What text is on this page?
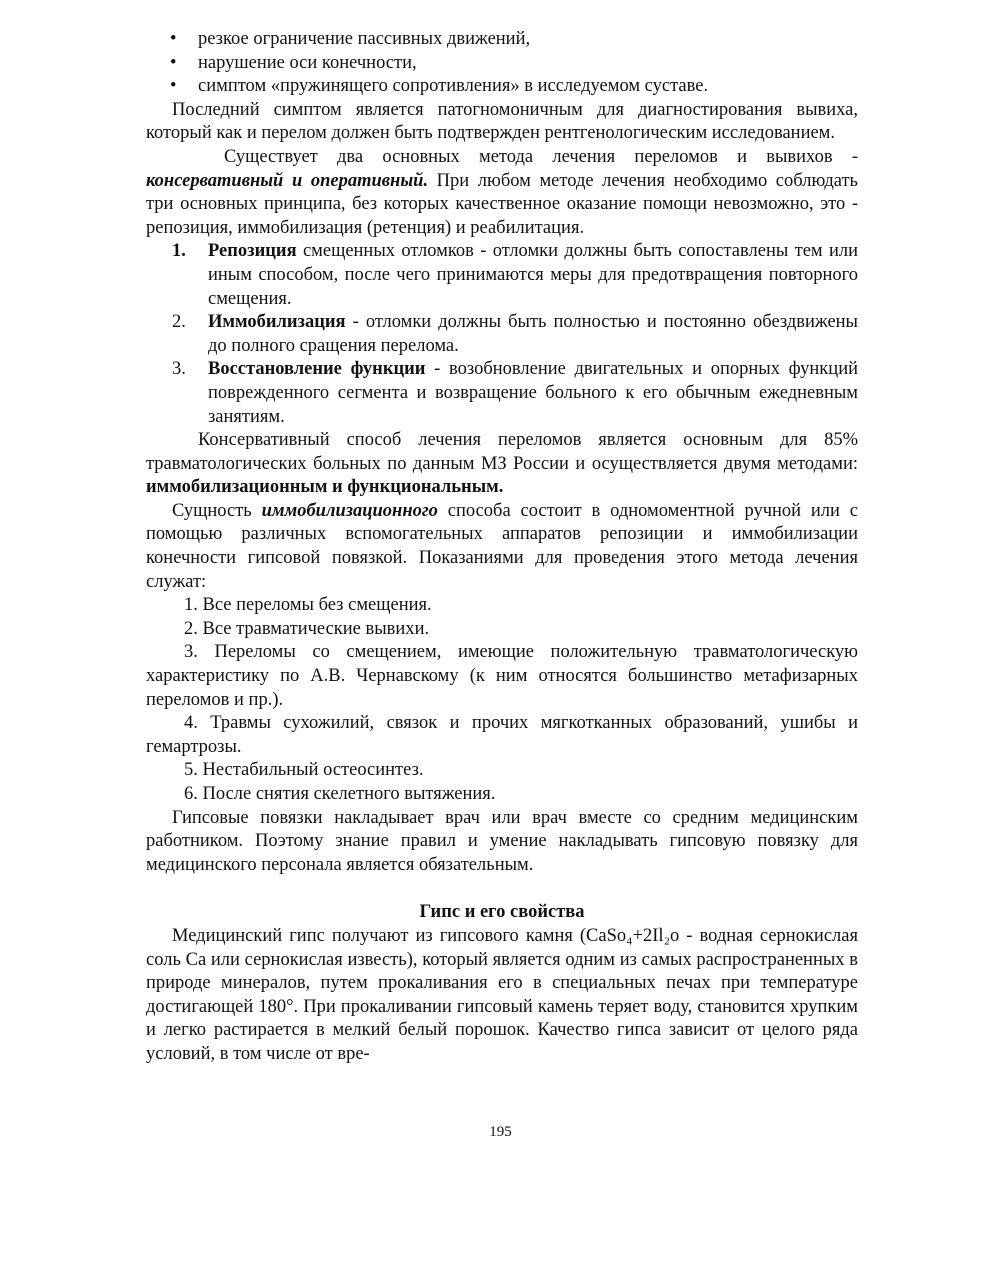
• резкое ограничение пассивных движений,

• нарушение оси конечности,

• симптом «пружинящего сопротивления» в исследуемом суставе.

Последний симптом является патогномоничным для диагностирования вывиха, который как и перелом должен быть подтвержден рентгенологическим исследованием.

Существует два основных метода лечения переломов и вывихов - консервативный и оперативный. При любом методе лечения необходимо соблюдать три основных принципа, без которых качественное оказание помощи невозможно, это - репозиция, иммобилизация (ретенция) и реабилитация.

1. Репозиция смещенных отломков - отломки должны быть сопоставлены тем или иным способом, после чего принимаются меры для предотвращения повторного смещения.

2. Иммобилизация - отломки должны быть полностью и постоянно обездвижены до полного сращения перелома.

3. Восстановление функции - возобновление двигательных и опорных функций поврежденного сегмента и возвращение больного к его обычным ежедневным занятиям.

Консервативный способ лечения переломов является основным для 85% травматологических больных по данным МЗ России и осуществляется двумя методами: иммобилизационным и функциональным.

Сущность иммобилизационного способа состоит в одномоментной ручной или с помощью различных вспомогательных аппаратов репозиции и иммобилизации конечности гипсовой повязкой. Показаниями для проведения этого метода лечения служат:

1. Все переломы без смещения.

2. Все травматические вывихи.

3. Переломы со смещением, имеющие положительную травматологическую характеристику по А.В. Чернавскому (к ним относятся большинство метафизарных переломов и пр.).

4. Травмы сухожилий, связок и прочих мягкотканных образований, ушибы и гемартрозы.

5. Нестабильный остеосинтез.

6. После снятия скелетного вытяжения.

Гипсовые повязки накладывает врач или врач вместе со средним медицинским работником. Поэтому знание правил и умение накладывать гипсовую повязку для медицинского персонала является обязательным.

Гипс и его свойства

Медицинский гипс получают из гипсового камня (CaSo₄+2Il₂o - водная сернокислая соль Са или сернокислая известь), который является одним из самых распространенных в природе минералов, путем прокаливания его в специальных печах при температуре достигающей 180°. При прокаливании гипсовый камень теряет воду, становится хрупким и легко растирается в мелкий белый порошок. Качество гипса зависит от целого ряда условий, в том числе от вре-

195
